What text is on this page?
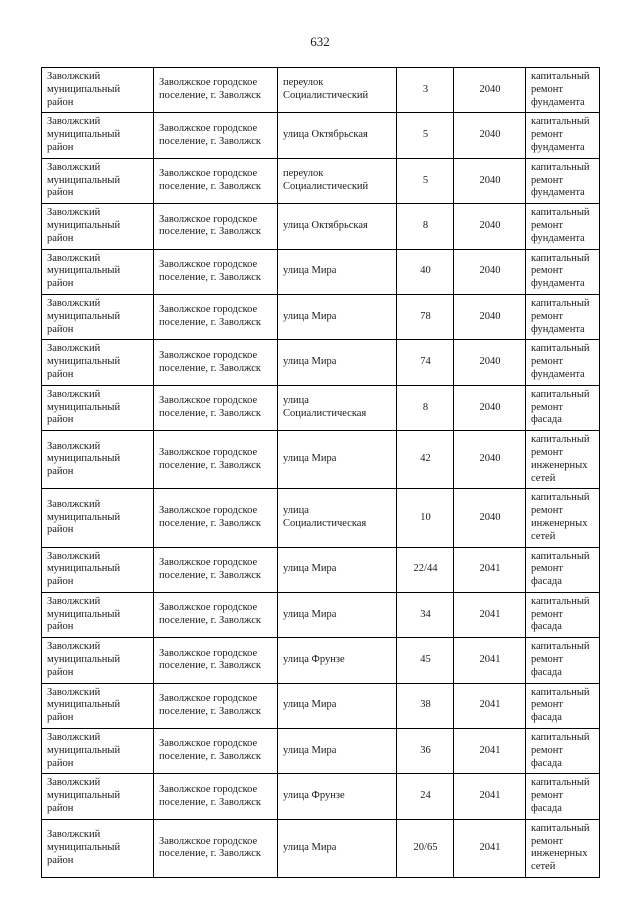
632
Заволжский муниципальный район	Заволжское городское поселение, г. Заволжск	переулок Социалистический	3	2040	капитальный ремонт фундамента
Заволжский муниципальный район	Заволжское городское поселение, г. Заволжск	улица Октябрьская	5	2040	капитальный ремонт фундамента
Заволжский муниципальный район	Заволжское городское поселение, г. Заволжск	переулок Социалистический	5	2040	капитальный ремонт фундамента
Заволжский муниципальный район	Заволжское городское поселение, г. Заволжск	улица Октябрьская	8	2040	капитальный ремонт фундамента
Заволжский муниципальный район	Заволжское городское поселение, г. Заволжск	улица Мира	40	2040	капитальный ремонт фундамента
Заволжский муниципальный район	Заволжское городское поселение, г. Заволжск	улица Мира	78	2040	капитальный ремонт фундамента
Заволжский муниципальный район	Заволжское городское поселение, г. Заволжск	улица Мира	74	2040	капитальный ремонт фундамента
Заволжский муниципальный район	Заволжское городское поселение, г. Заволжск	улица Социалистическая	8	2040	капитальный ремонт фасада
Заволжский муниципальный район	Заволжское городское поселение, г. Заволжск	улица Мира	42	2040	капитальный ремонт инженерных сетей
Заволжский муниципальный район	Заволжское городское поселение, г. Заволжск	улица Социалистическая	10	2040	капитальный ремонт инженерных сетей
Заволжский муниципальный район	Заволжское городское поселение, г. Заволжск	улица Мира	22/44	2041	капитальный ремонт фасада
Заволжский муниципальный район	Заволжское городское поселение, г. Заволжск	улица Мира	34	2041	капитальный ремонт фасада
Заволжский муниципальный район	Заволжское городское поселение, г. Заволжск	улица Фрунзе	45	2041	капитальный ремонт фасада
Заволжский муниципальный район	Заволжское городское поселение, г. Заволжск	улица Мира	38	2041	капитальный ремонт фасада
Заволжский муниципальный район	Заволжское городское поселение, г. Заволжск	улица Мира	36	2041	капитальный ремонт фасада
Заволжский муниципальный район	Заволжское городское поселение, г. Заволжск	улица Фрунзе	24	2041	капитальный ремонт фасада
Заволжский муниципальный район	Заволжское городское поселение, г. Заволжск	улица Мира	20/65	2041	капитальный ремонт инженерных сетей
